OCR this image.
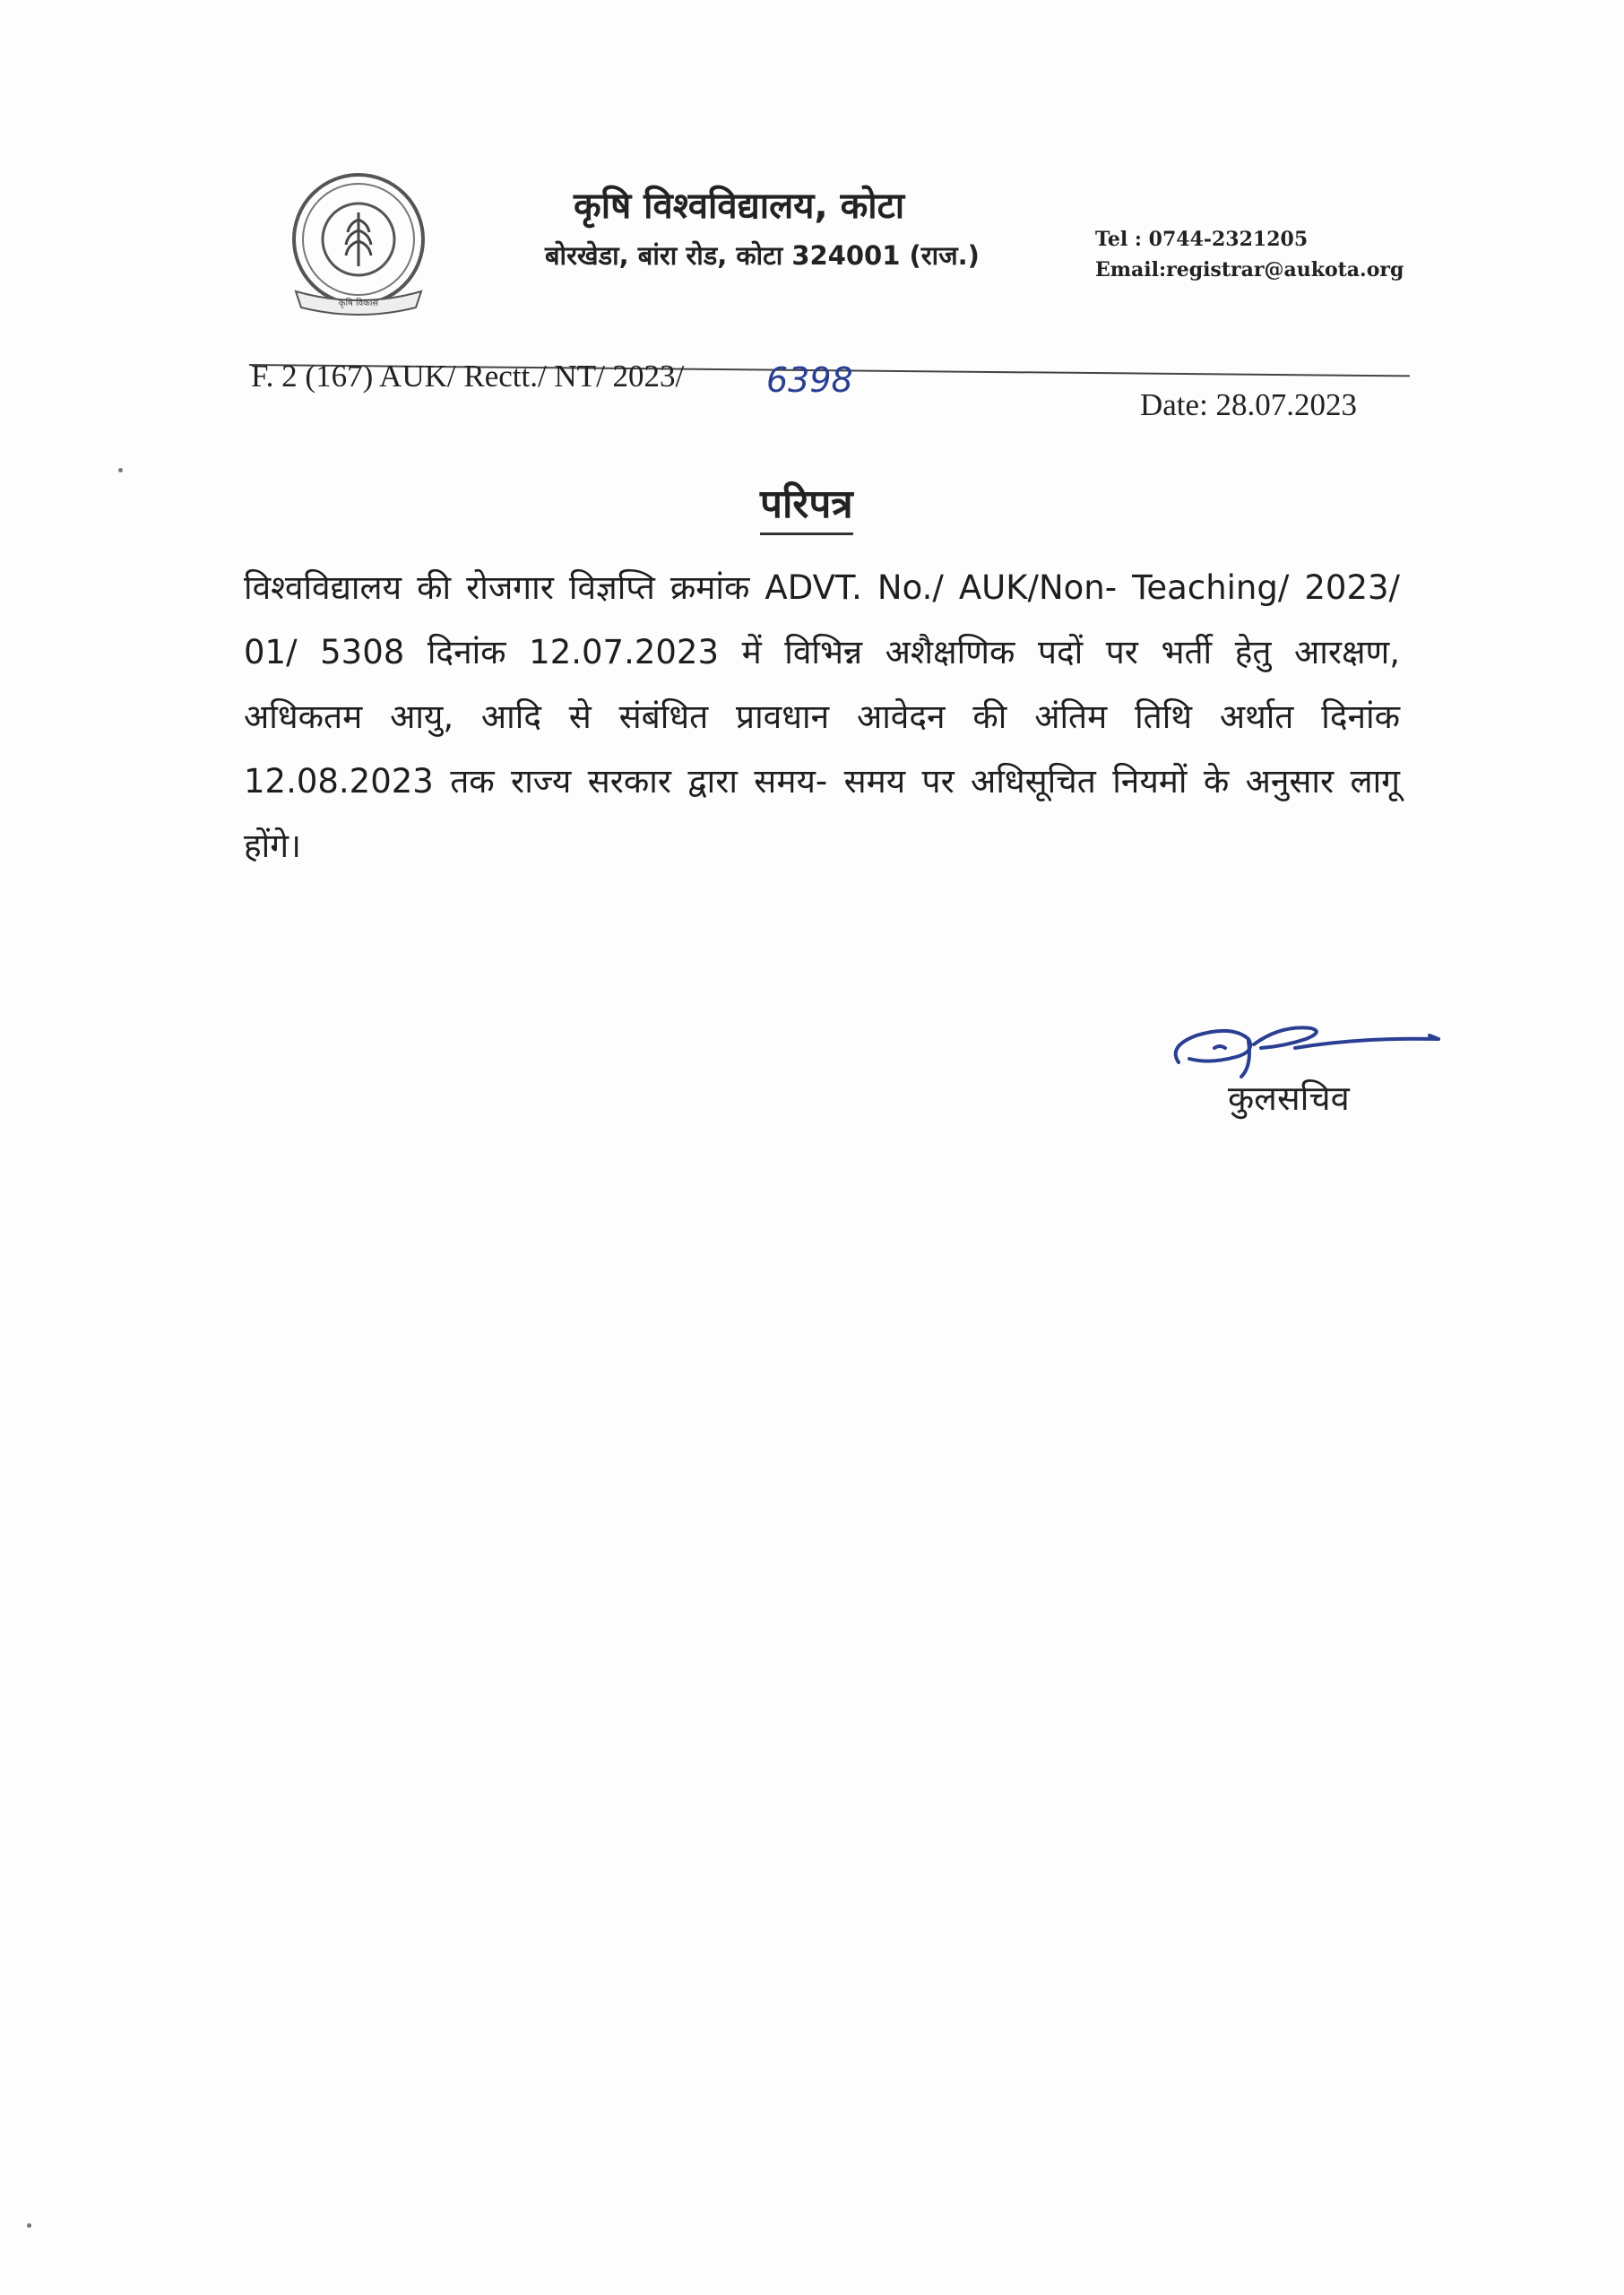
कृषि विकास
कृषि विश्वविद्यालय, कोटा
बोरखेडा, बांरा रोड, कोटा 324001 (राज.)
Tel : 0744-2321205
Email:registrar@aukota.org
F. 2 (167) AUK/ Rectt./ NT/ 2023/ 6398
Date: 28.07.2023
परिपत्र
विश्वविद्यालय की रोजगार विज्ञप्ति क्रमांक ADVT. No./ AUK/Non- Teaching/ 2023/ 01/ 5308 दिनांक 12.07.2023 में विभिन्न अशैक्षणिक पदों पर भर्ती हेतु आरक्षण, अधिकतम आयु, आदि से संबंधित प्रावधान आवेदन की अंतिम तिथि अर्थात दिनांक 12.08.2023 तक राज्य सरकार द्वारा समय- समय पर अधिसूचित नियमों के अनुसार लागू होंगे।
कुलसचिव
